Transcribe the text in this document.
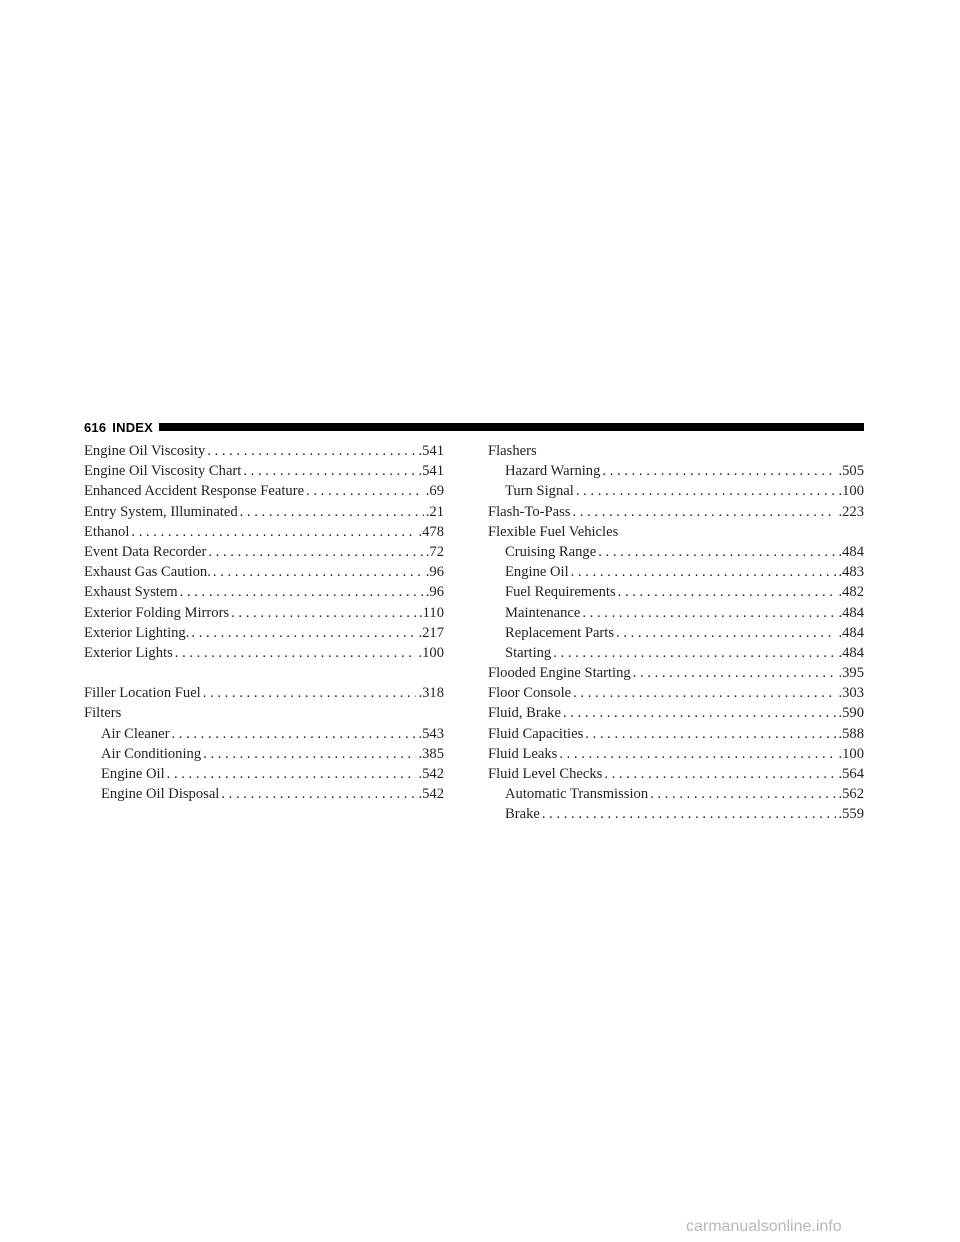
616 INDEX
Engine Oil Viscosity . . .	.541
Engine Oil Viscosity Chart . . .	.541
Enhanced Accident Response Feature . . .	.69
Entry System, Illuminated . . .	.21
Ethanol . . .	.478
Event Data Recorder . . .	.72
Exhaust Gas Caution. . . .	.96
Exhaust System . . .	.96
Exterior Folding Mirrors . . .	.110
Exterior Lighting. . . .	.217
Exterior Lights . . .	.100
Filler Location Fuel . . .	.318
Filters
Air Cleaner . . .	.543
Air Conditioning . . .	.385
Engine Oil . . .	.542
Engine Oil Disposal . . .	.542
Flashers
Hazard Warning . . .	.505
Turn Signal . . .	.100
Flash-To-Pass . . .	.223
Flexible Fuel Vehicles
Cruising Range . . .	.484
Engine Oil . . .	.483
Fuel Requirements . . .	.482
Maintenance . . .	.484
Replacement Parts . . .	.484
Starting . . .	.484
Flooded Engine Starting . . .	.395
Floor Console . . .	.303
Fluid, Brake . . .	.590
Fluid Capacities . . .	.588
Fluid Leaks . . .	.100
Fluid Level Checks . . .	.564
Automatic Transmission . . .	.562
Brake . . .	.559
carmanualsonline.info
